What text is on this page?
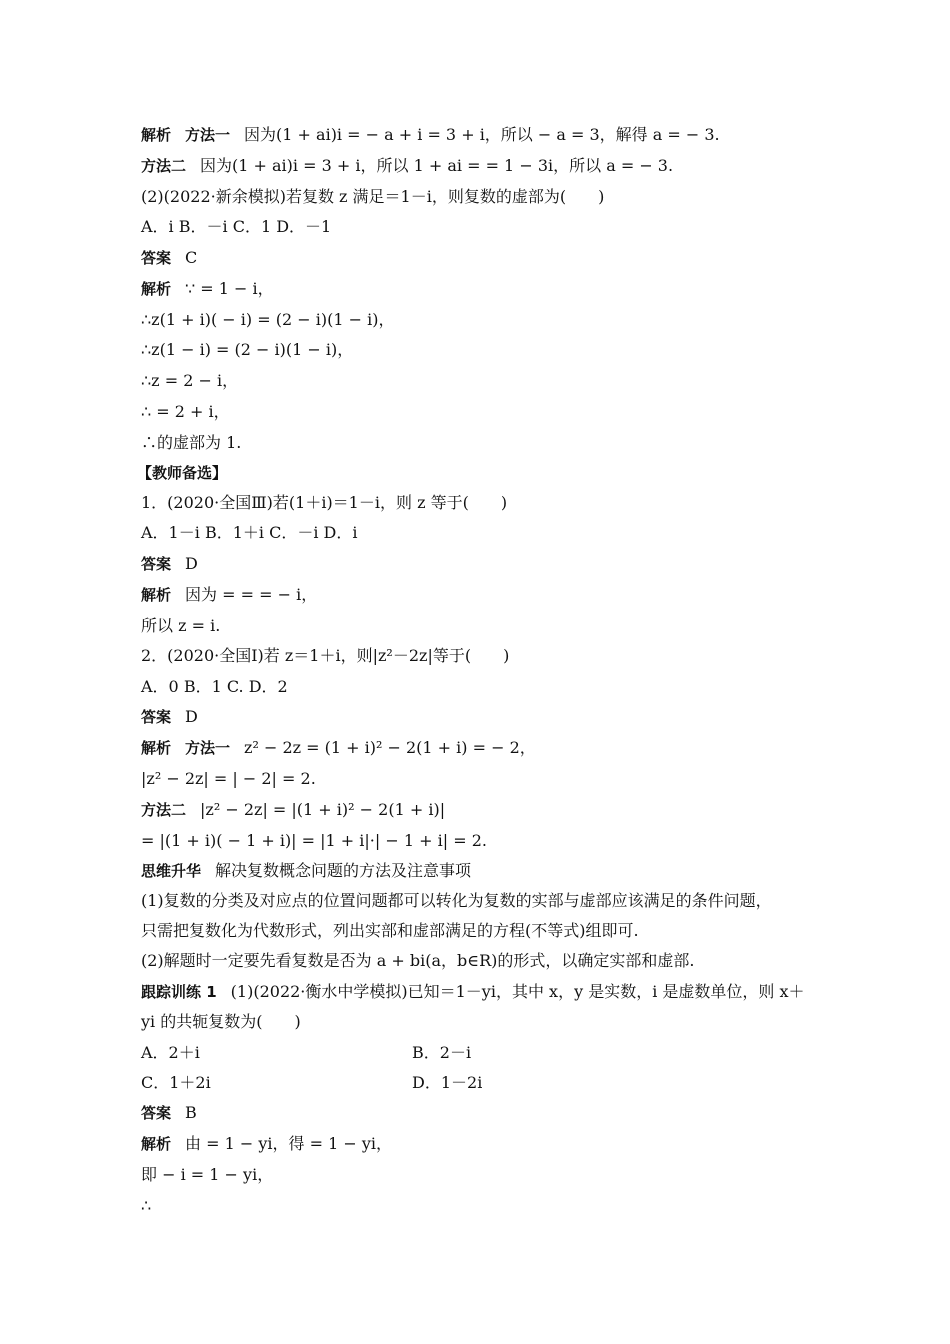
解析 方法一 因为(1 + ai)i = − a + i = 3 + i，所以 − a = 3，解得 a = − 3.
方法二 因为(1 + ai)i = 3 + i，所以 1 + ai = = 1 − 3i，所以 a = − 3.
(2)(2022·新余模拟)若复数 z 满足＝1－i，则复数的虚部为(　　)
A．i B．－i C．1 D．－1
答案 C
解析 ∵ = 1 − i，
∴z(1 + i)( − i) = (2 − i)(1 − i)，
∴z(1 − i) = (2 − i)(1 − i)，
∴z = 2 − i，
∴ = 2 + i，
∴的虚部为 1.
【教师备选】
1．(2020·全国Ⅲ)若(1＋i)＝1－i，则 z 等于(　　)
A．1－i B．1＋i C．－i D．i
答案 D
解析 因为 = = = − i，
所以 z = i.
2．(2020·全国Ⅰ)若 z＝1＋i，则|z²－2z|等于(　　)
A．0 B．1 C. D．2
答案 D
解析 方法一 z² − 2z = (1 + i)² − 2(1 + i) = − 2，
|z² − 2z| = | − 2| = 2.
方法二 |z² − 2z| = |(1 + i)² − 2(1 + i)|
= |(1 + i)( − 1 + i)| = |1 + i|·| − 1 + i| = 2.
思维升华 解决复数概念问题的方法及注意事项
(1)复数的分类及对应点的位置问题都可以转化为复数的实部与虚部应该满足的条件问题，
只需把复数化为代数形式，列出实部和虚部满足的方程(不等式)组即可.
(2)解题时一定要先看复数是否为 a + bi(a，b∈R)的形式，以确定实部和虚部.
跟踪训练 1 (1)(2022·衡水中学模拟)已知＝1－yi，其中 x，y 是实数，i 是虚数单位，则 x＋
yi 的共轭复数为(　　)
A．2＋i	B．2－i
C．1＋2i	D．1－2i
答案 B
解析 由 = 1 − yi，得 = 1 − yi，
即 − i = 1 − yi，
∴
